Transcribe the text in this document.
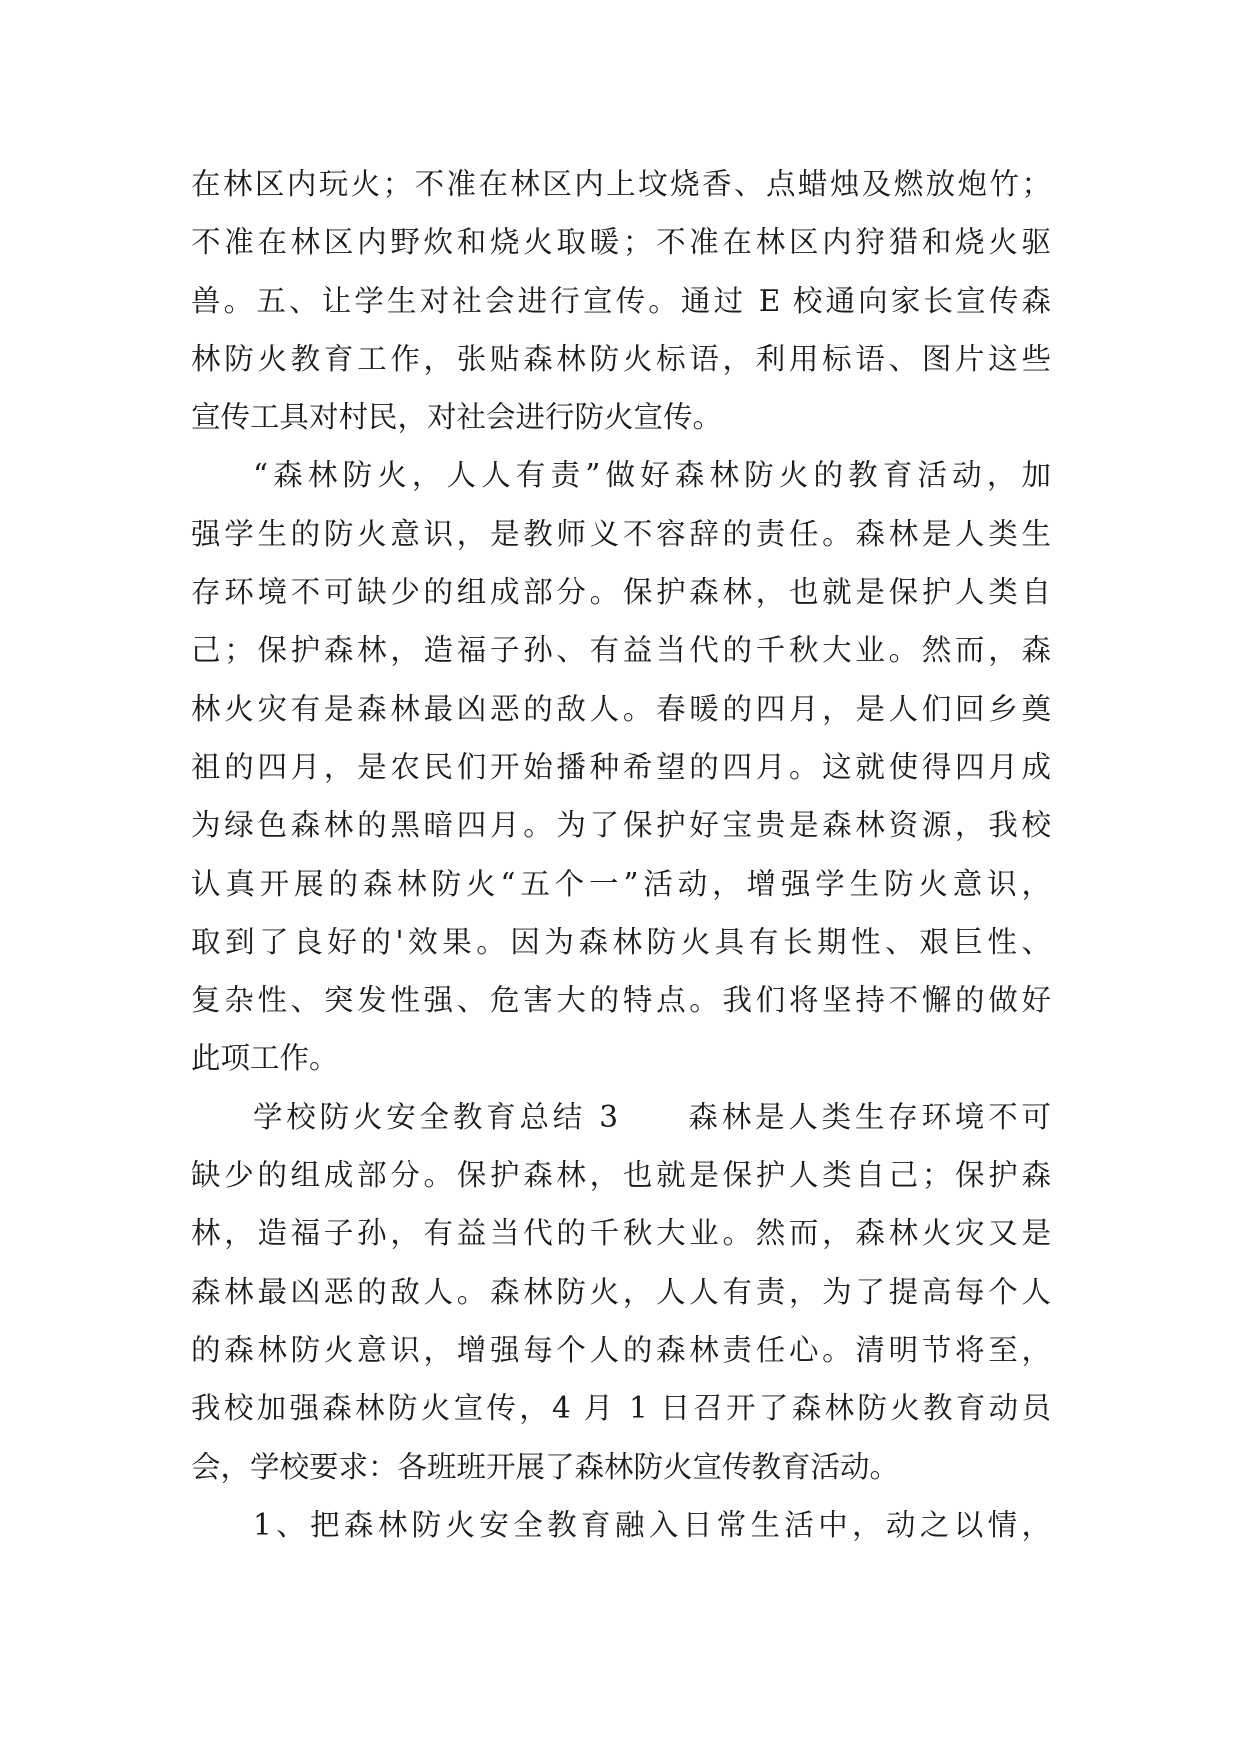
在林区内玩火；不准在林区内上坟烧香、点蜡烛及燃放炮竹；
不准在林区内野炊和烧火取暖；不准在林区内狩猎和烧火驱
兽。五、让学生对社会进行宣传。通过 E 校通向家长宣传森
林防火教育工作，张贴森林防火标语，利用标语、图片这些
宣传工具对村民，对社会进行防火宣传。
“森林防火，人人有责”做好森林防火的教育活动，加
强学生的防火意识，是教师义不容辞的责任。森林是人类生
存环境不可缺少的组成部分。保护森林，也就是保护人类自
己；保护森林，造福子孙、有益当代的千秋大业。然而，森
林火灾有是森林最凶恶的敌人。春暖的四月，是人们回乡奠
祖的四月，是农民们开始播种希望的四月。这就使得四月成
为绿色森林的黑暗四月。为了保护好宝贵是森林资源，我校
认真开展的森林防火“五个一”活动，增强学生防火意识，
取到了良好的'效果。因为森林防火具有长期性、艰巨性、
复杂性、突发性强、危害大的特点。我们将坚持不懈的做好
此项工作。
学校防火安全教育总结 3　　森林是人类生存环境不可
缺少的组成部分。保护森林，也就是保护人类自己；保护森
林，造福子孙，有益当代的千秋大业。然而，森林火灾又是
森林最凶恶的敌人。森林防火，人人有责，为了提高每个人
的森林防火意识，增强每个人的森林责任心。清明节将至，
我校加强森林防火宣传，4 月 1 日召开了森林防火教育动员
会，学校要求：各班班开展了森林防火宣传教育活动。
1、把森林防火安全教育融入日常生活中，动之以情，
